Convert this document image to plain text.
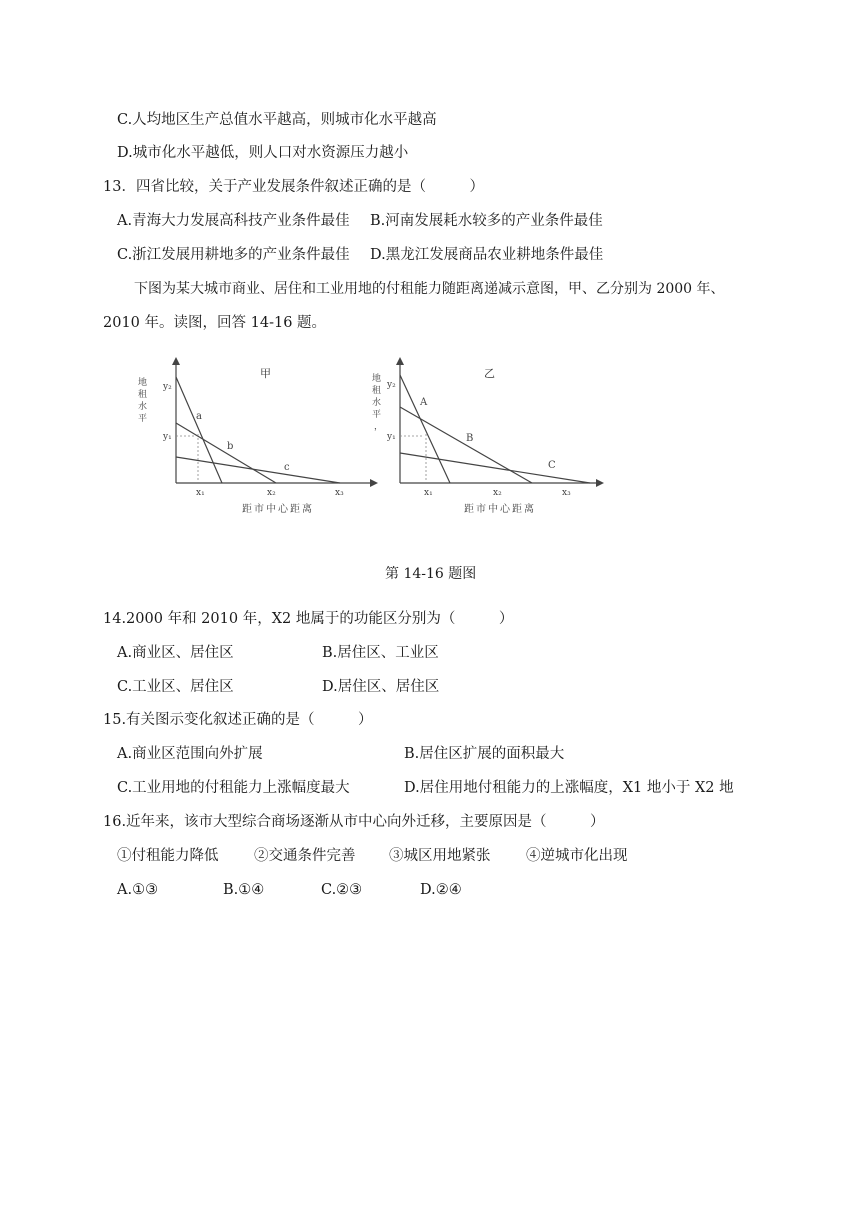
C.人均地区生产总值水平越高，则城市化水平越高
D.城市化水平越低，则人口对水资源压力越小
13．四省比较，关于产业发展条件叙述正确的是（　　　）
A.青海大力发展高科技产业条件最佳 B.河南发展耗水较多的产业条件最佳
C.浙江发展用耕地多的产业条件最佳 D.黑龙江发展商品农业耕地条件最佳
下图为某大城市商业、居住和工业用地的付租能力随距离递减示意图，甲、乙分别为 2000 年、
2010 年。读图，回答 14-16 题。
地
租
水
平
y₂
y₁
x₁	x₂	x₃
a
b
c
甲
距市中心距离
地
租
水
平
，
y₂
y₁
x₁	x₂	x₃
A
B
C
乙
距市中心距离
第 14-16 题图
14.2000 年和 2010 年，X2 地属于的功能区分别为（　　　）
A.商业区、居住区	B.居住区、工业区
C.工业区、居住区	D.居住区、居住区
15.有关图示变化叙述正确的是（　　　）
A.商业区范围向外扩展	B.居住区扩展的面积最大
C.工业用地的付租能力上涨幅度最大	D.居住用地付租能力的上涨幅度，X1 地小于 X2 地
16.近年来，该市大型综合商场逐渐从市中心向外迁移，主要原因是（　　　）
①付租能力降低 ②交通条件完善 ③城区用地紧张 ④逆城市化出现
A.①③	B.①④	C.②③	D.②④
